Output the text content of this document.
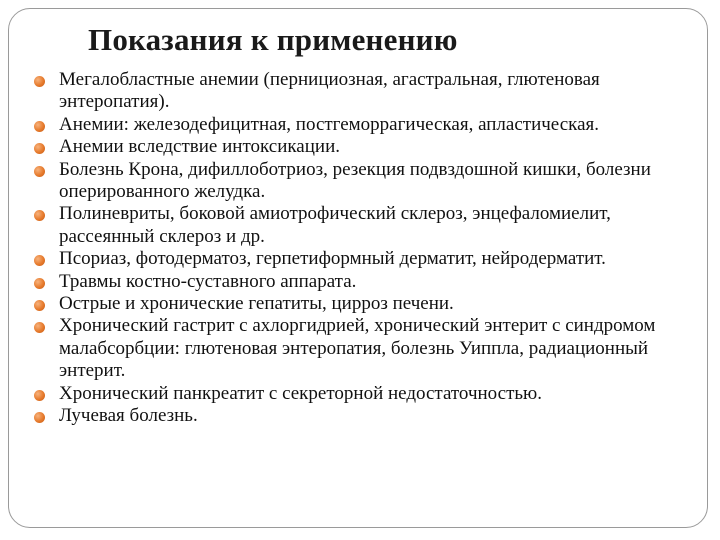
Показания к применению
Мегалобластные анемии (пернициозная, агастральная, глютеновая энтеропатия).
Анемии: железодефицитная, постгеморрагическая, апластическая.
Анемии вследствие интоксикации.
Болезнь Крона, дифиллоботриоз, резекция подвздошной кишки, болезни оперированного желудка.
Полиневриты, боковой амиотрофический склероз, энцефаломиелит, рассеянный склероз и др.
Псориаз, фотодерматоз, герпетиформный дерматит, нейродерматит.
Травмы костно-суставного аппарата.
Острые и хронические гепатиты, цирроз печени.
Хронический гастрит с ахлоргидрией, хронический энтерит с синдромом малабсорбции: глютеновая энтеропатия, болезнь Уиппла, радиационный энтерит.
Хронический панкреатит с секреторной недостаточностью.
Лучевая болезнь.
